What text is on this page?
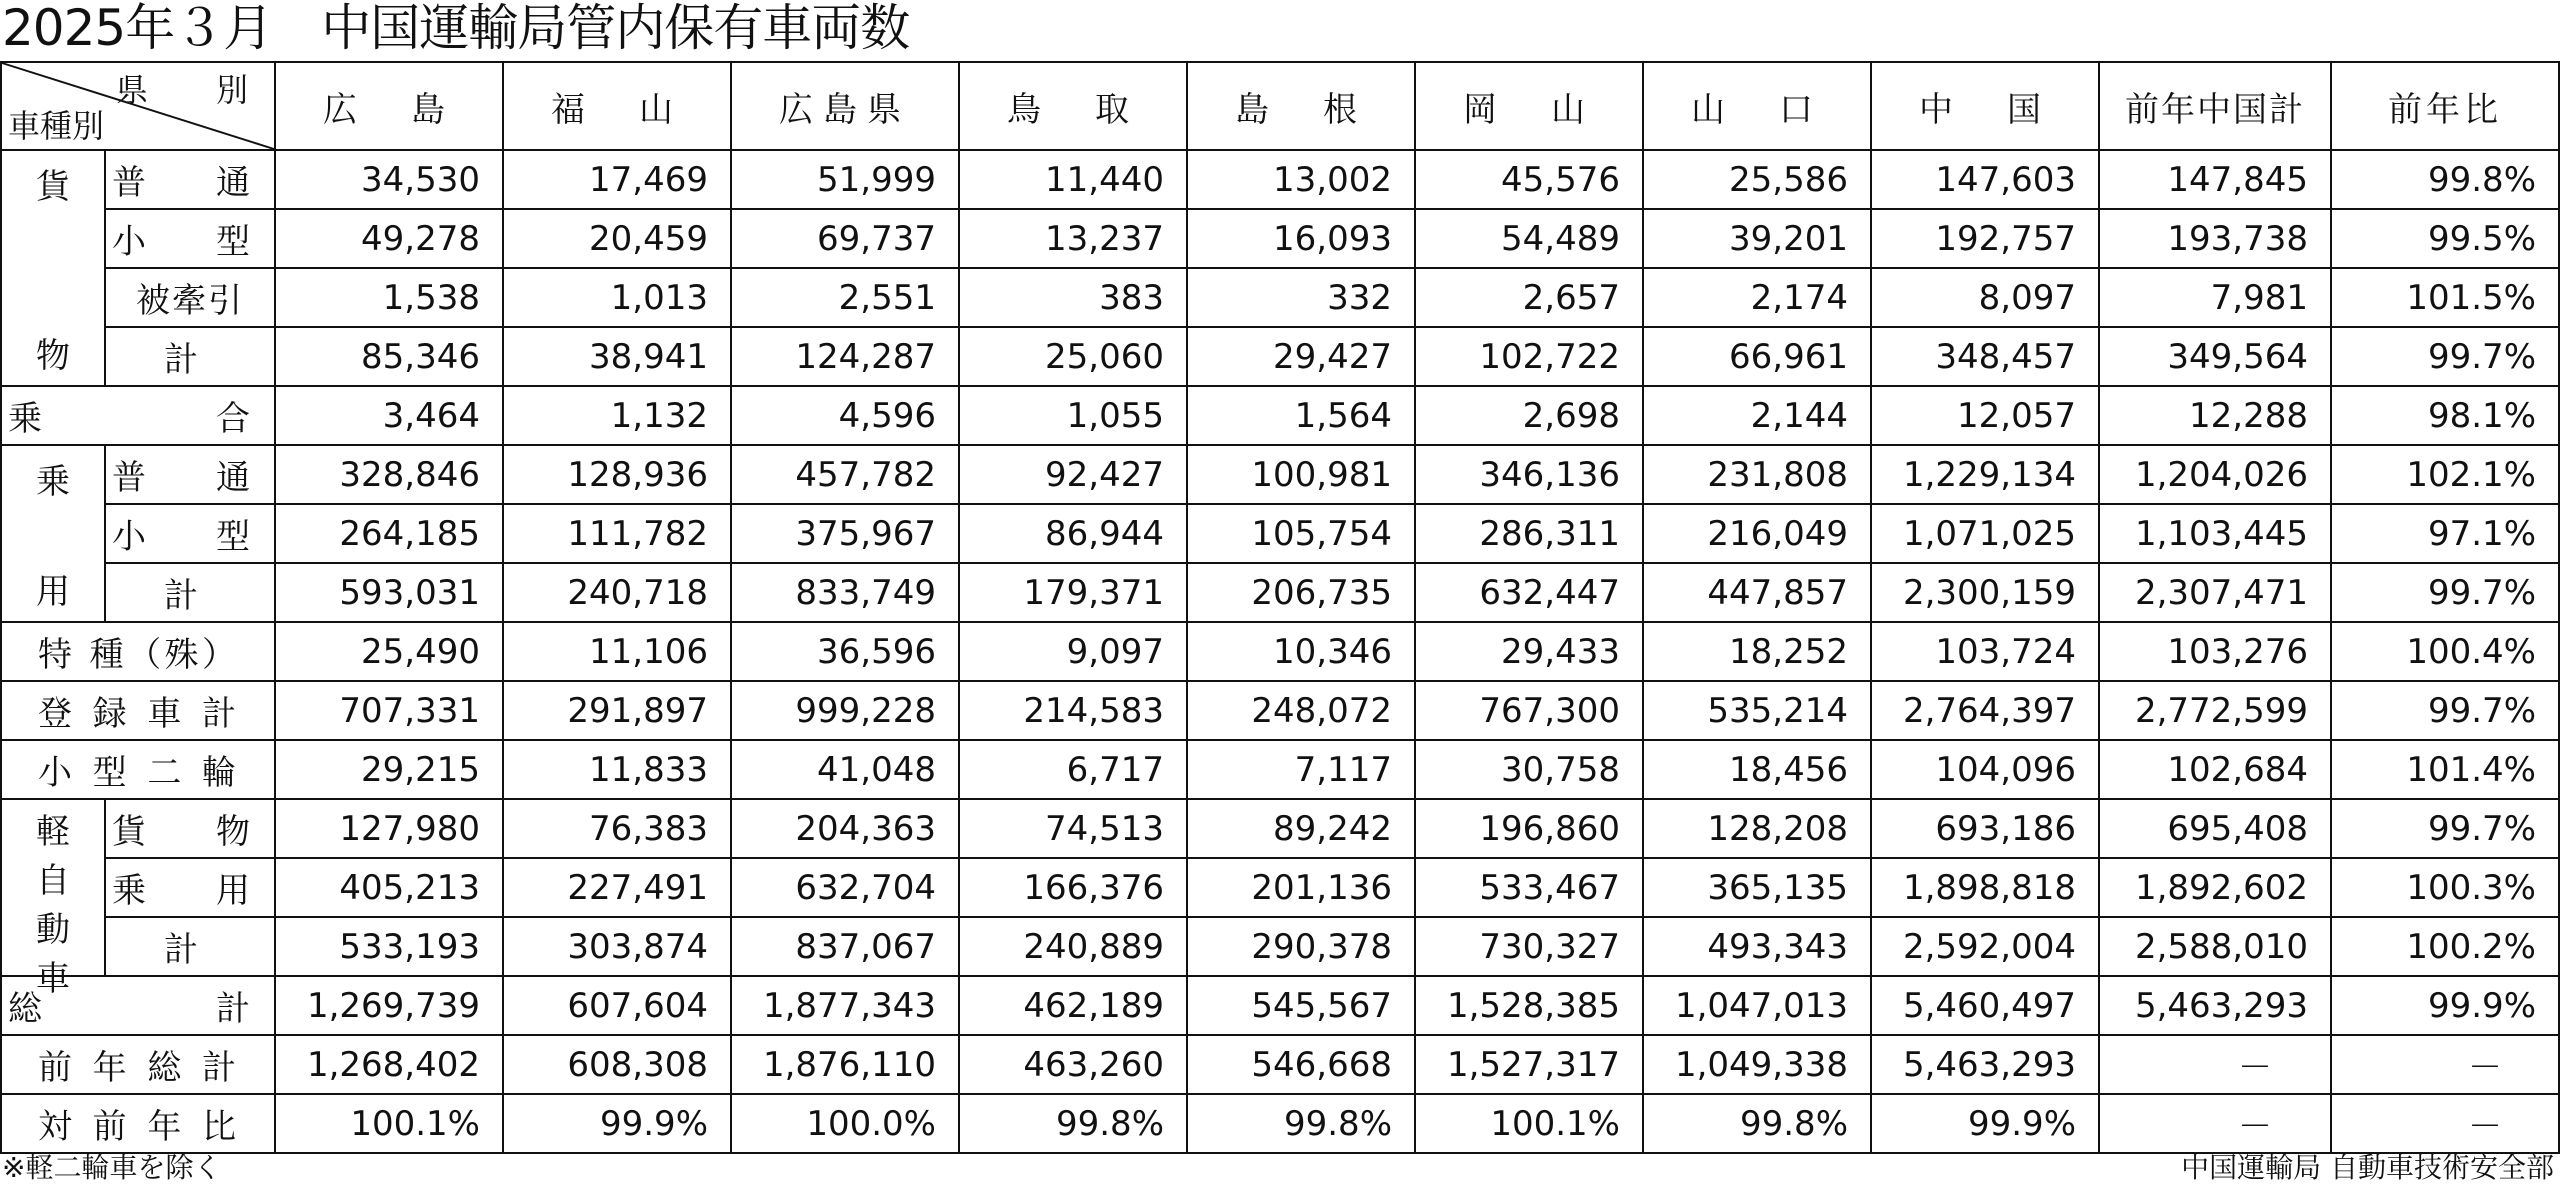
2025年３月　中国運輸局管内保有車両数
県　別
車種別		広　島	福　山	広島県	鳥　取	島　根	岡　山	山　口	中　国	前年中国計	前年比

貨
物	普　通	34,530	17,469	51,999	11,440	13,002	45,576	25,586	147,603	147,845	99.8%
	小　型	49,278	20,459	69,737	13,237	16,093	54,489	39,201	192,757	193,738	99.5%
	被牽引	1,538	1,013	2,551	383	332	2,657	2,174	8,097	7,981	101.5%
	計	85,346	38,941	124,287	25,060	29,427	102,722	66,961	348,457	349,564	99.7%
乗　　　合		3,464	1,132	4,596	1,055	1,564	2,698	2,144	12,057	12,288	98.1%

乗
用	普　通	328,846	128,936	457,782	92,427	100,981	346,136	231,808	1,229,134	1,204,026	102.1%
	小　型	264,185	111,782	375,967	86,944	105,754	286,311	216,049	1,071,025	1,103,445	97.1%
	計	593,031	240,718	833,749	179,371	206,735	632,447	447,857	2,300,159	2,307,471	99.7%
特 種（殊）		25,490	11,106	36,596	9,097	10,346	29,433	18,252	103,724	103,276	100.4%
登録車計		707,331	291,897	999,228	214,583	248,072	767,300	535,214	2,764,397	2,772,599	99.7%
小型二輪		29,215	11,833	41,048	6,717	7,117	30,758	18,456	104,096	102,684	101.4%

軽
自
動
車	貨　物	127,980	76,383	204,363	74,513	89,242	196,860	128,208	693,186	695,408	99.7%
	乗　用	405,213	227,491	632,704	166,376	201,136	533,467	365,135	1,898,818	1,892,602	100.3%
	計	533,193	303,874	837,067	240,889	290,378	730,327	493,343	2,592,004	2,588,010	100.2%
総　　　計		1,269,739	607,604	1,877,343	462,189	545,567	1,528,385	1,047,013	5,460,497	5,463,293	99.9%
前年総計		1,268,402	608,308	1,876,110	463,260	546,668	1,527,317	1,049,338	5,463,293	－	－
対前年比		100.1%	99.9%	100.0%	99.8%	99.8%	100.1%	99.8%	99.9%	－	－
※軽二輪車を除く	中国運輸局 自動車技術安全部
